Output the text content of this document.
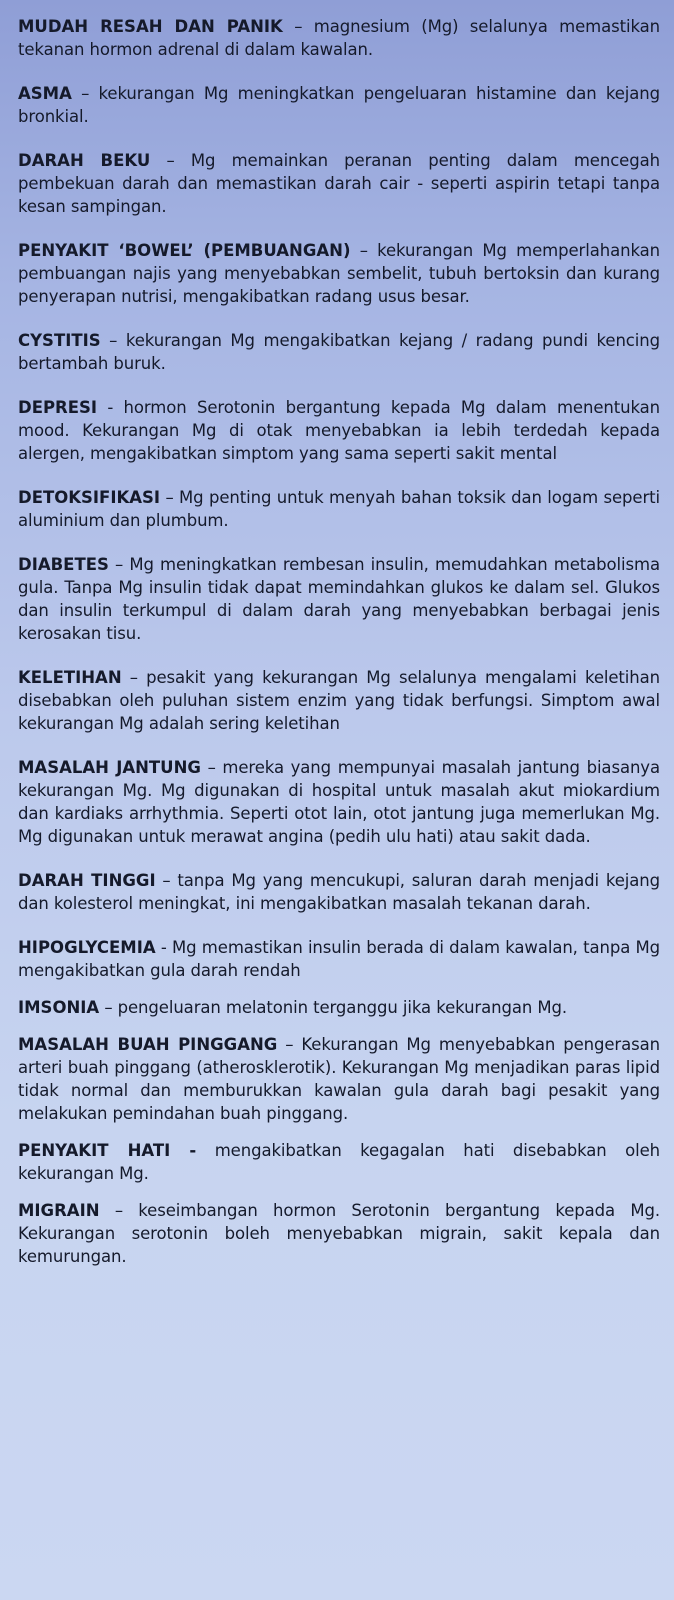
MUDAH RESAH DAN PANIK – magnesium (Mg) selalunya memastikan tekanan hormon adrenal di dalam kawalan.

ASMA – kekurangan Mg meningkatkan pengeluaran histamine dan kejang bronkial.

DARAH BEKU – Mg memainkan peranan penting dalam mencegah pembekuan darah dan memastikan darah cair - seperti aspirin tetapi tanpa kesan sampingan.

PENYAKIT ‘BOWEL’ (PEMBUANGAN) – kekurangan Mg memperlahankan pembuangan najis yang menyebabkan sembelit, tubuh bertoksin dan kurang penyerapan nutrisi, mengakibatkan radang usus besar.

CYSTITIS – kekurangan Mg mengakibatkan kejang / radang pundi kencing bertambah buruk.

DEPRESI - hormon Serotonin bergantung kepada Mg dalam menentukan mood. Kekurangan Mg di otak menyebabkan ia lebih terdedah kepada alergen, mengakibatkan simptom yang sama seperti sakit mental

DETOKSIFIKASI – Mg penting untuk menyah bahan toksik dan logam seperti aluminium dan plumbum.

DIABETES – Mg meningkatkan rembesan insulin, memudahkan metabolisma gula. Tanpa Mg insulin tidak dapat memindahkan glukos ke dalam sel. Glukos dan insulin terkumpul di dalam darah yang menyebabkan berbagai jenis kerosakan tisu.

KELETIHAN – pesakit yang kekurangan Mg selalunya mengalami keletihan disebabkan oleh puluhan sistem enzim yang tidak berfungsi. Simptom awal kekurangan Mg adalah sering keletihan

MASALAH JANTUNG – mereka yang mempunyai masalah jantung biasanya kekurangan Mg. Mg digunakan di hospital untuk masalah akut miokardium dan kardiaks arrhythmia. Seperti otot lain, otot jantung juga memerlukan Mg. Mg digunakan untuk merawat angina (pedih ulu hati) atau sakit dada.

DARAH TINGGI – tanpa Mg yang mencukupi, saluran darah menjadi kejang dan kolesterol meningkat, ini mengakibatkan masalah tekanan darah.

HIPOGLYCEMIA - Mg memastikan insulin berada di dalam kawalan, tanpa Mg mengakibatkan gula darah rendah

IMSONIA – pengeluaran melatonin terganggu jika kekurangan Mg.

MASALAH BUAH PINGGANG – Kekurangan Mg menyebabkan pengerasan arteri buah pinggang (atherosklerotik). Kekurangan Mg menjadikan paras lipid tidak normal dan memburukkan kawalan gula darah bagi pesakit yang melakukan pemindahan buah pinggang.

PENYAKIT HATI - mengakibatkan kegagalan hati disebabkan oleh kekurangan Mg.

MIGRAIN – keseimbangan hormon Serotonin bergantung kepada Mg. Kekurangan serotonin boleh menyebabkan migrain, sakit kepala dan kemurungan.
